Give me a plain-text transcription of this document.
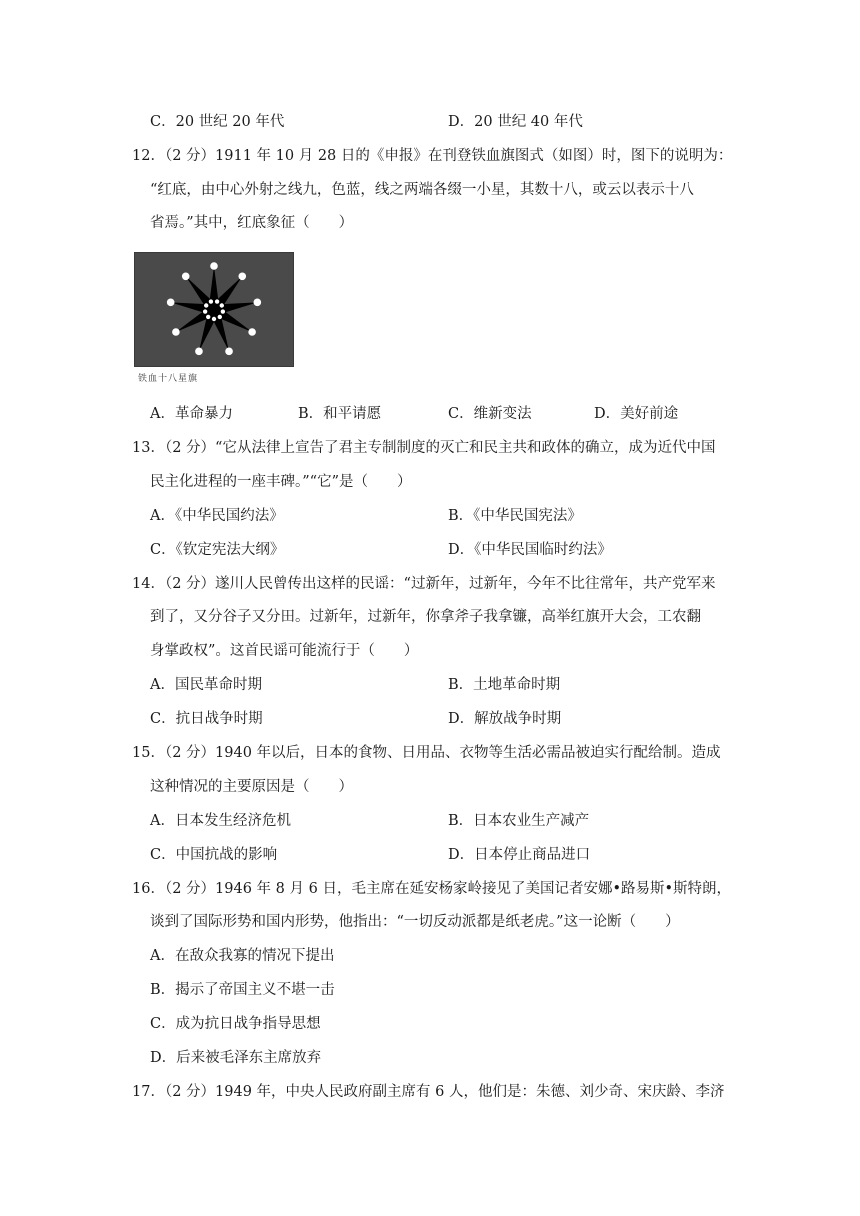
C．20 世纪 20 年代	D．20 世纪 40 年代
12．（2 分）1911 年 10 月 28 日的《申报》在刊登铁血旗图式（如图）时，图下的说明为：
“红底，由中心外射之线九，色蓝，线之两端各缀一小星，其数十八，或云以表示十八
省焉。”其中，红底象征（　　）
铁血十八星旗
A．革命暴力	B．和平请愿	C．维新变法	D．美好前途
13．（2 分）“它从法律上宣告了君主专制制度的灭亡和民主共和政体的确立，成为近代中国
民主化进程的一座丰碑。”“它”是（　　）
A．《中华民国约法》	B．《中华民国宪法》
C．《钦定宪法大纲》	D．《中华民国临时约法》
14．（2 分）遂川人民曾传出这样的民谣：“过新年，过新年，今年不比往常年，共产党军来
到了，又分谷子又分田。过新年，过新年，你拿斧子我拿镰，高举红旗开大会，工农翻
身掌政权”。这首民谣可能流行于（　　）
A．国民革命时期	B．土地革命时期
C．抗日战争时期	D．解放战争时期
15．（2 分）1940 年以后，日本的食物、日用品、衣物等生活必需品被迫实行配给制。造成
这种情况的主要原因是（　　）
A．日本发生经济危机	B．日本农业生产减产
C．中国抗战的影响	D．日本停止商品进口
16．（2 分）1946 年 8 月 6 日，毛主席在延安杨家岭接见了美国记者安娜•路易斯•斯特朗，
谈到了国际形势和国内形势，他指出：“一切反动派都是纸老虎。”这一论断（　　）
A．在敌众我寡的情况下提出
B．揭示了帝国主义不堪一击
C．成为抗日战争指导思想
D．后来被毛泽东主席放弃
17．（2 分）1949 年，中央人民政府副主席有 6 人，他们是：朱德、刘少奇、宋庆龄、李济
